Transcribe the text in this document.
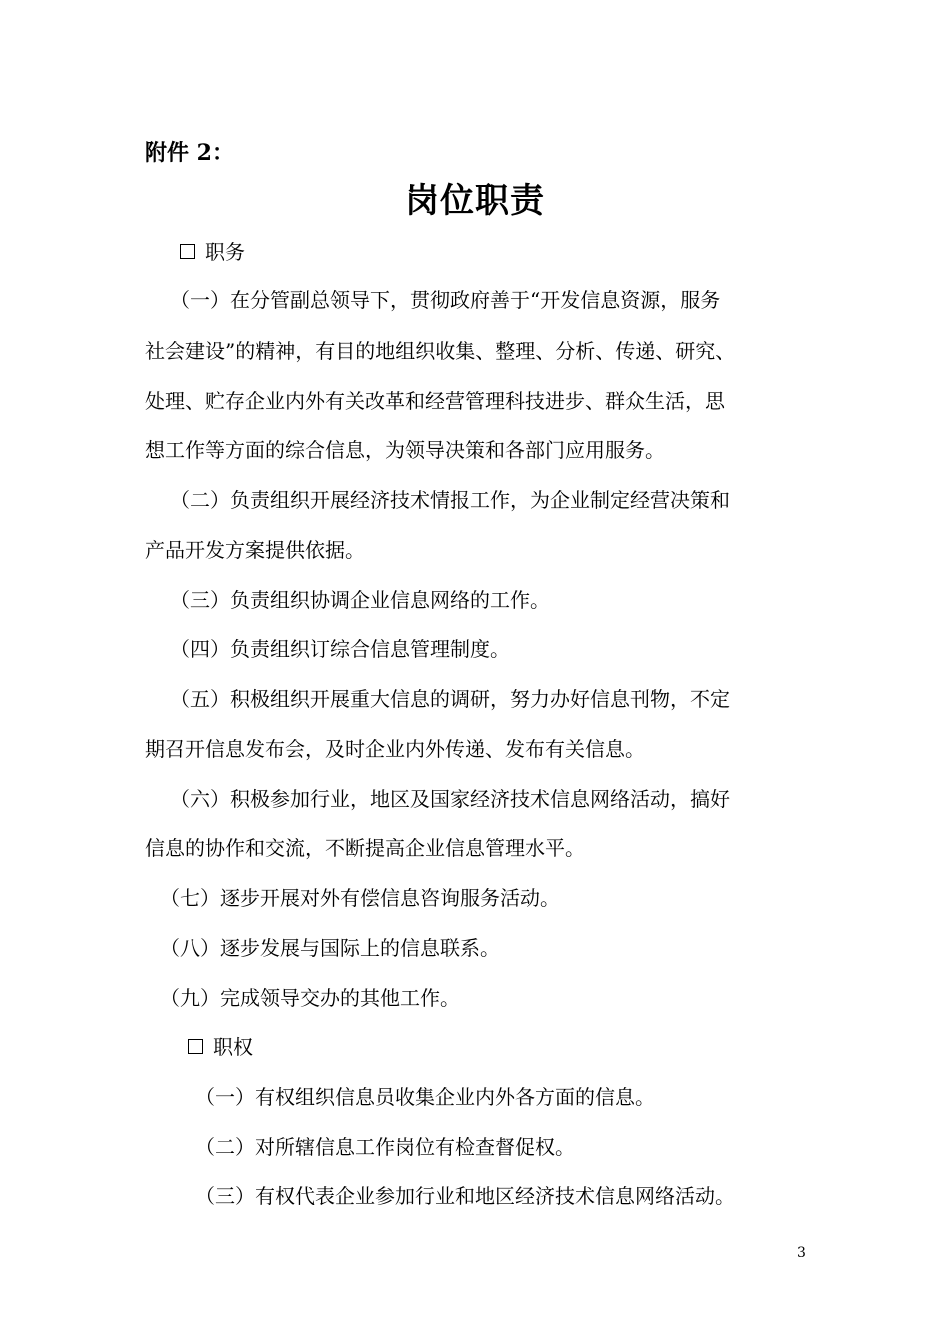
附件 2：
岗位职责
职务
（一）在分管副总领导下，贯彻政府善于“开发信息资源，服务
社会建设”的精神，有目的地组织收集、整理、分析、传递、研究、
处理、贮存企业内外有关改革和经营管理科技进步、群众生活，思
想工作等方面的综合信息，为领导决策和各部门应用服务。
（二）负责组织开展经济技术情报工作，为企业制定经营决策和
产品开发方案提供依据。
（三）负责组织协调企业信息网络的工作。
（四）负责组织订综合信息管理制度。
（五）积极组织开展重大信息的调研，努力办好信息刊物，不定
期召开信息发布会，及时企业内外传递、发布有关信息。
（六）积极参加行业，地区及国家经济技术信息网络活动，搞好
信息的协作和交流，不断提高企业信息管理水平。
（七）逐步开展对外有偿信息咨询服务活动。
（八）逐步发展与国际上的信息联系。
（九）完成领导交办的其他工作。
职权
（一）有权组织信息员收集企业内外各方面的信息。
（二）对所辖信息工作岗位有检查督促权。
（三）有权代表企业参加行业和地区经济技术信息网络活动。
3
